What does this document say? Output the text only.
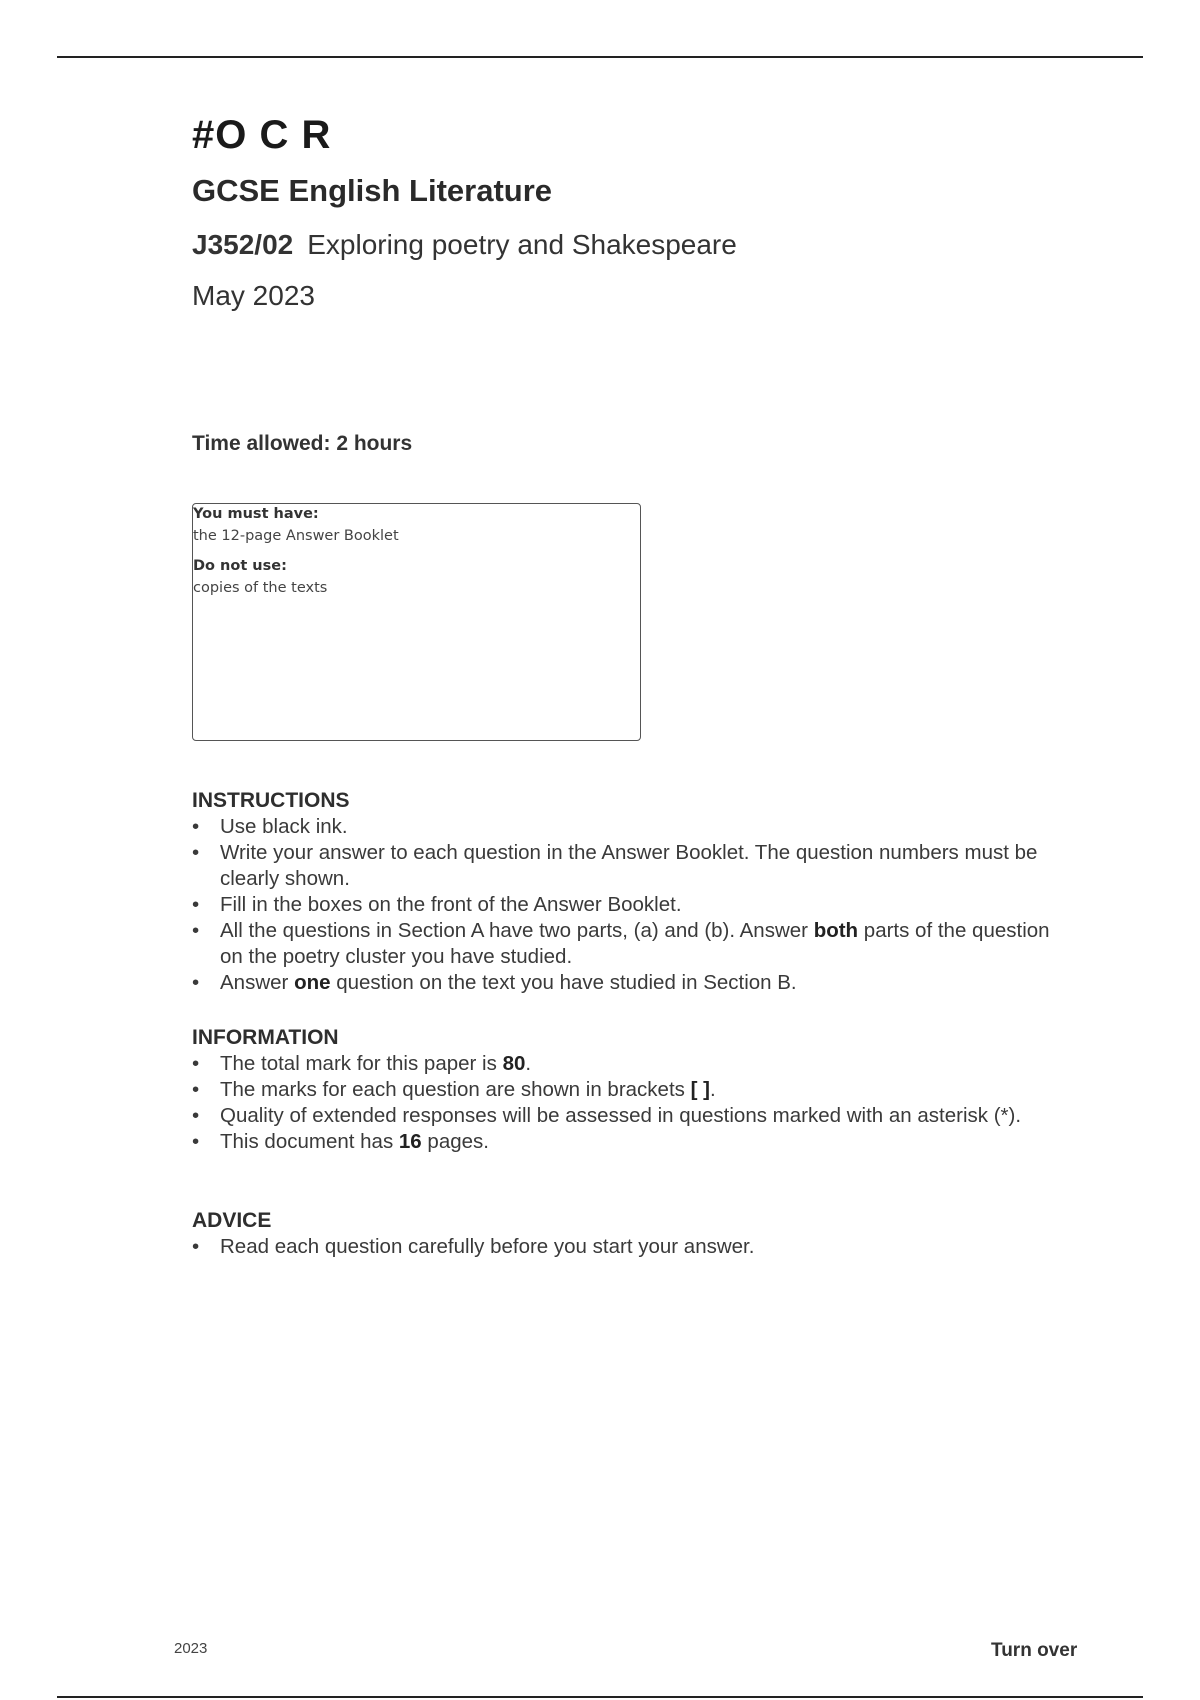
#O C R
GCSE English Literature
J352/02 Exploring poetry and Shakespeare
May 2023
Time allowed: 2 hours
You must have:
the 12-page Answer Booklet
Do not use:
copies of the texts
INSTRUCTIONS
•	Use black ink.
•	Write your answer to each question in the Answer Booklet. The question numbers must be clearly shown.
•	Fill in the boxes on the front of the Answer Booklet.
•	All the questions in Section A have two parts, (a) and (b). Answer both parts of the question on the poetry cluster you have studied.
•	Answer one question on the text you have studied in Section B.
INFORMATION
•	The total mark for this paper is 80.
•	The marks for each question are shown in brackets [ ].
•	Quality of extended responses will be assessed in questions marked with an asterisk (*).
•	This document has 16 pages.
ADVICE
•	Read each question carefully before you start your answer.
2023	Turn over
